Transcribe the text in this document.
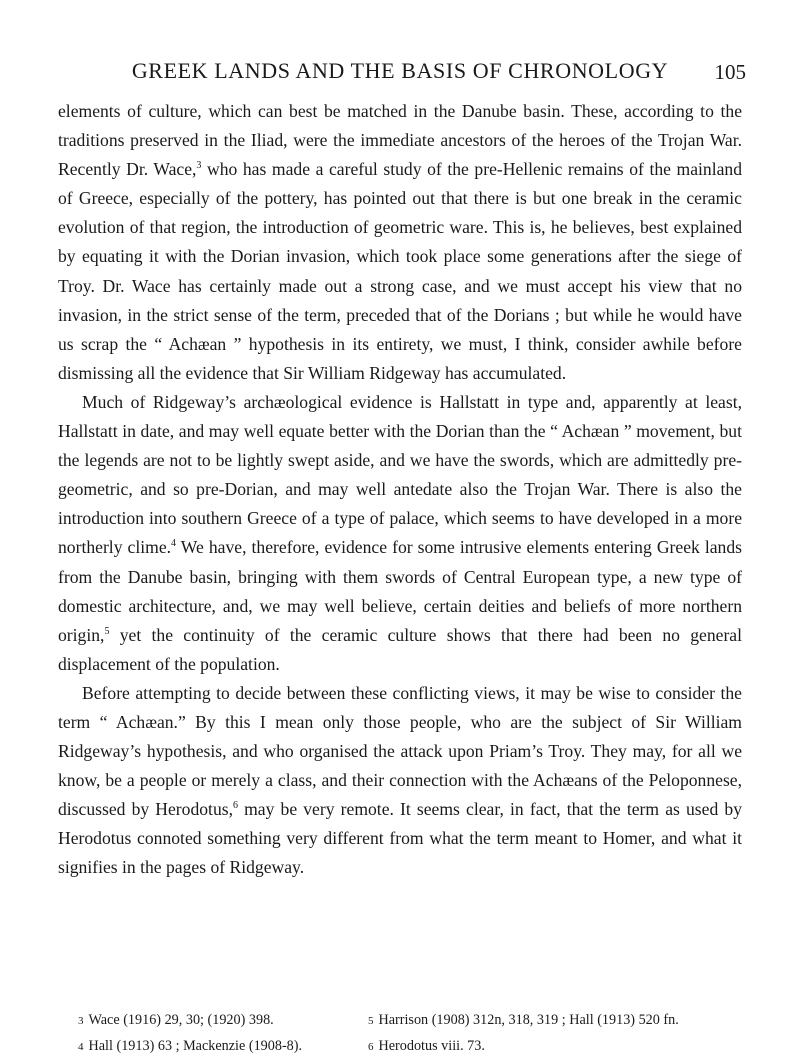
GREEK LANDS AND THE BASIS OF CHRONOLOGY	105

elements of culture, which can best be matched in the Danube basin. These, according to the traditions preserved in the Iliad, were the immediate ancestors of the heroes of the Trojan War. Recently Dr. Wace,$^3$ who has made a careful study of the pre-Hellenic remains of the mainland of Greece, especially of the pottery, has pointed out that there is but one break in the ceramic evolution of that region, the introduction of geometric ware. This is, he believes, best explained by equating it with the Dorian invasion, which took place some generations after the siege of Troy. Dr. Wace has certainly made out a strong case, and we must accept his view that no invasion, in the strict sense of the term, preceded that of the Dorians ; but while he would have us scrap the “ Achæan ” hypothesis in its entirety, we must, I think, consider awhile before dismissing all the evidence that Sir William Ridgeway has accumulated.

Much of Ridgeway’s archæological evidence is Hallstatt in type and, apparently at least, Hallstatt in date, and may well equate better with the Dorian than the “ Achæan ” movement, but the legends are not to be lightly swept aside, and we have the swords, which are admittedly pre-geometric, and so pre-Dorian, and may well antedate also the Trojan War. There is also the introduction into southern Greece of a type of palace, which seems to have developed in a more northerly clime.$^4$ We have, therefore, evidence for some intrusive elements entering Greek lands from the Danube basin, bringing with them swords of Central European type, a new type of domestic architecture, and, we may well believe, certain deities and beliefs of more northern origin,$^5$ yet the continuity of the ceramic culture shows that there had been no general displacement of the population.

Before attempting to decide between these conflicting views, it may be wise to consider the term “ Achæan.” By this I mean only those people, who are the subject of Sir William Ridgeway’s hypothesis, and who organised the attack upon Priam’s Troy. They may, for all we know, be a people or merely a class, and their connection with the Achæans of the Peloponnese, discussed by Herodotus,$^6$ may be very remote. It seems clear, in fact, that the term as used by Herodotus connoted something very different from what the term meant to Homer, and what it signifies in the pages of Ridgeway.

3 Wace (1916) 29, 30; (1920) 398.
4 Hall (1913) 63 ; Mackenzie (1908-8).
5 Harrison (1908) 312n, 318, 319 ; Hall (1913) 520 fn.
6 Herodotus viii. 73.
